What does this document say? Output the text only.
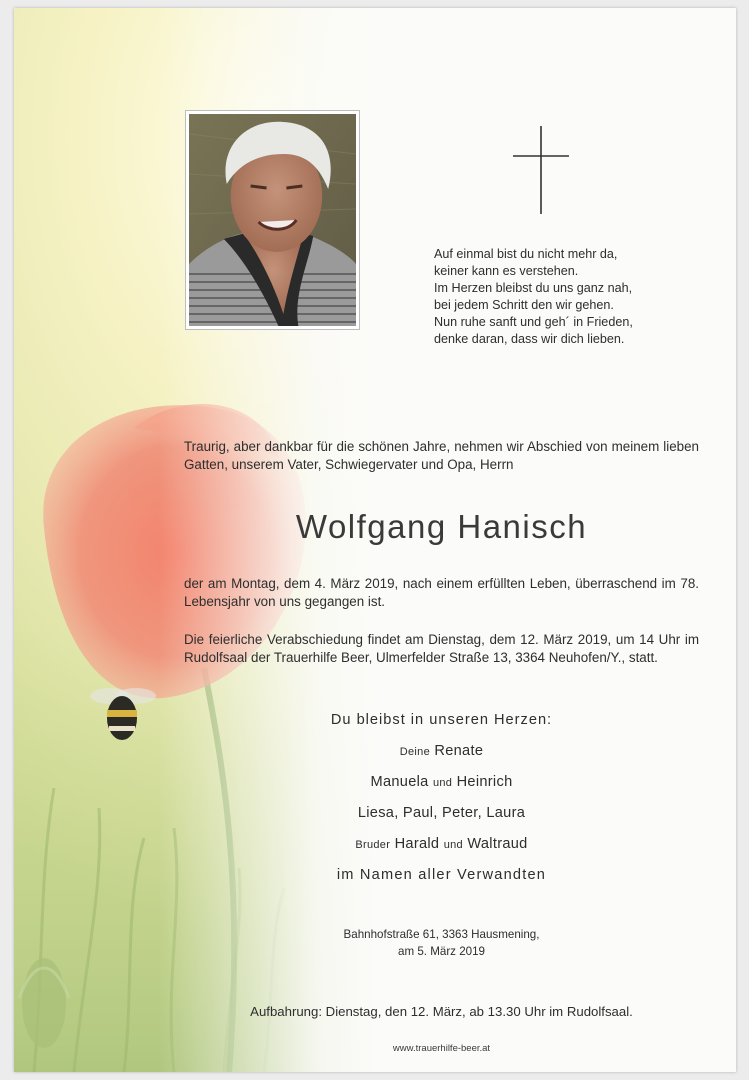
Auf einmal bist du nicht mehr da,
keiner kann es verstehen.
Im Herzen bleibst du uns ganz nah,
bei jedem Schritt den wir gehen.
Nun ruhe sanft und geh´ in Frieden,
denke daran, dass wir dich lieben.
Traurig, aber dankbar für die schönen Jahre, nehmen wir Abschied von meinem lieben Gatten, unserem Vater, Schwiegervater und Opa, Herrn
Wolfgang Hanisch
der am Montag, dem 4. März 2019, nach einem erfüllten Leben, überraschend im 78. Lebensjahr von uns gegangen ist.
Die feierliche Verabschiedung findet am Dienstag, dem 12. März 2019, um 14 Uhr im Rudolfsaal der Trauerhilfe Beer, Ulmerfelder Straße 13, 3364 Neuhofen/Y., statt.
Du bleibst in unseren Herzen:
Deine Renate
Manuela und Heinrich
Liesa, Paul, Peter, Laura
Bruder Harald und Waltraud
im Namen aller Verwandten
Bahnhofstraße 61, 3363 Hausmening,
am 5. März 2019
Aufbahrung: Dienstag, den 12. März, ab 13.30 Uhr im Rudolfsaal.
www.trauerhilfe-beer.at
